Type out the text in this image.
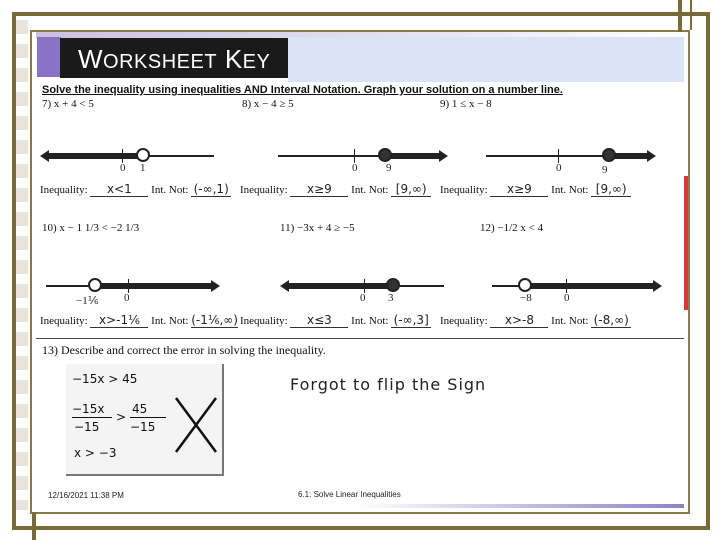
WORKSHEET KEY
Solve the inequality using inequalities AND Interval Notation. Graph your solution on a number line.
7) x + 4 < 5	8) x − 4 ≥ 5	9) 1 ≤ x − 8
0 1	0	9	0	9
Inequality: x<1 Int. Not: (-∞,1) Inequality: x≥9 Int. Not: [9,∞)	Inequality: x≥9 Int. Not: [9,∞)
10) x − 1 1/3 < −2 1/3	11) −3x + 4 ≥ −5	12) −1/2 x < 4
−1⅙ 0	0 3	−8	0
Inequality: x>-1⅙ Int. Not: (-1⅙,∞) Inequality: x≤3 Int. Not: (-∞,3] Inequality: x>-8 Int. Not: (-8,∞)
13) Describe and correct the error in solving the inequality.
−15x > 45
−15x
−15
>
45
−15
x > −3
Forgot to flip the Sign
12/16/2021 11:38 PM	6.1: Solve Linear Inequalities
